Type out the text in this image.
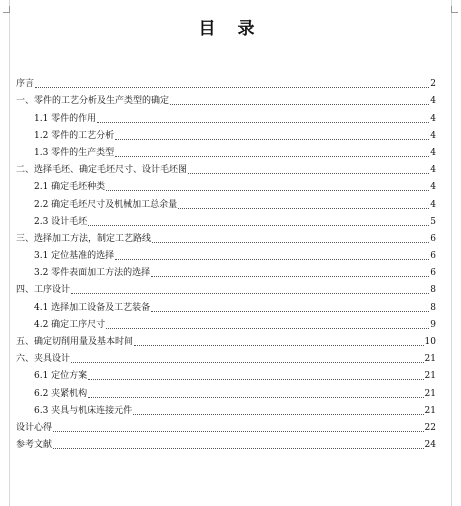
目 录
序言	2
一、零件的工艺分析及生产类型的确定	4
1.1 零件的作用	4
1.2 零件的工艺分析	4
1.3 零件的生产类型	4
二、选择毛坯、确定毛坯尺寸、设计毛坯图	4
2.1 确定毛坯种类	4
2.2 确定毛坯尺寸及机械加工总余量	4
2.3 设计毛坯	5
三、选择加工方法，制定工艺路线	6
3.1 定位基准的选择	6
3.2 零件表面加工方法的选择	6
四、工序设计	8
4.1 选择加工设备及工艺装备	8
4.2 确定工序尺寸	9
五、确定切削用量及基本时间	10
六、夹具设计	21
6.1 定位方案	21
6.2 夹紧机构	21
6.3 夹具与机床连接元件	21
设计心得	22
参考文献	24
